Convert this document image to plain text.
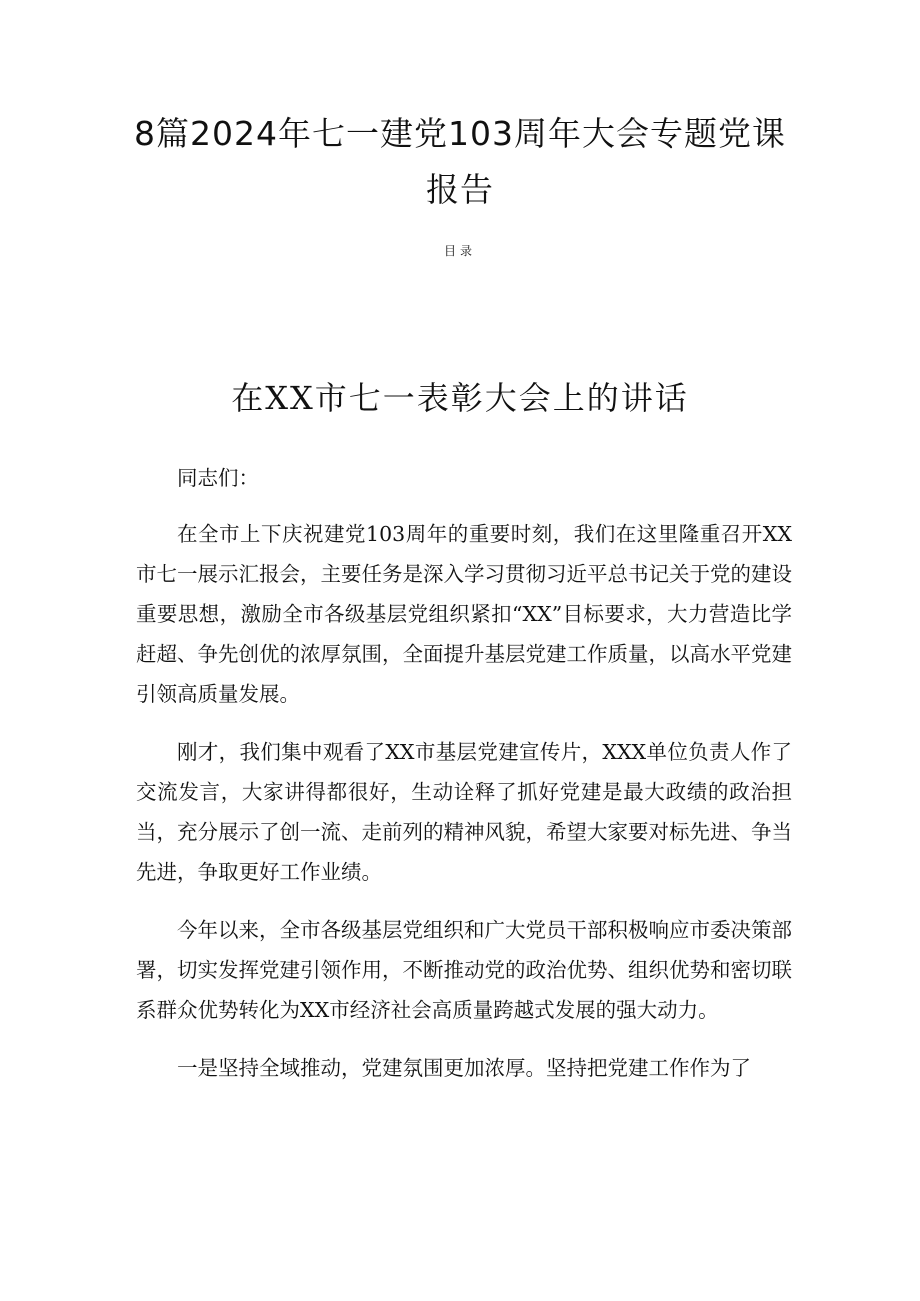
8篇2024年七一建党103周年大会专题党课报告
目录
在XX市七一表彰大会上的讲话

同志们：

在全市上下庆祝建党103周年的重要时刻，我们在这里隆重召开XX市七一展示汇报会，主要任务是深入学习贯彻习近平总书记关于党的建设重要思想，激励全市各级基层党组织紧扣“XX”目标要求，大力营造比学赶超、争先创优的浓厚氛围，全面提升基层党建工作质量，以高水平党建引领高质量发展。

刚才，我们集中观看了XX市基层党建宣传片，XXX单位负责人作了交流发言，大家讲得都很好，生动诠释了抓好党建是最大政绩的政治担当，充分展示了创一流、走前列的精神风貌，希望大家要对标先进、争当先进，争取更好工作业绩。

今年以来，全市各级基层党组织和广大党员干部积极响应市委决策部署，切实发挥党建引领作用，不断推动党的政治优势、组织优势和密切联系群众优势转化为XX市经济社会高质量跨越式发展的强大动力。

一是坚持全域推动，党建氛围更加浓厚。坚持把党建工作作为了
